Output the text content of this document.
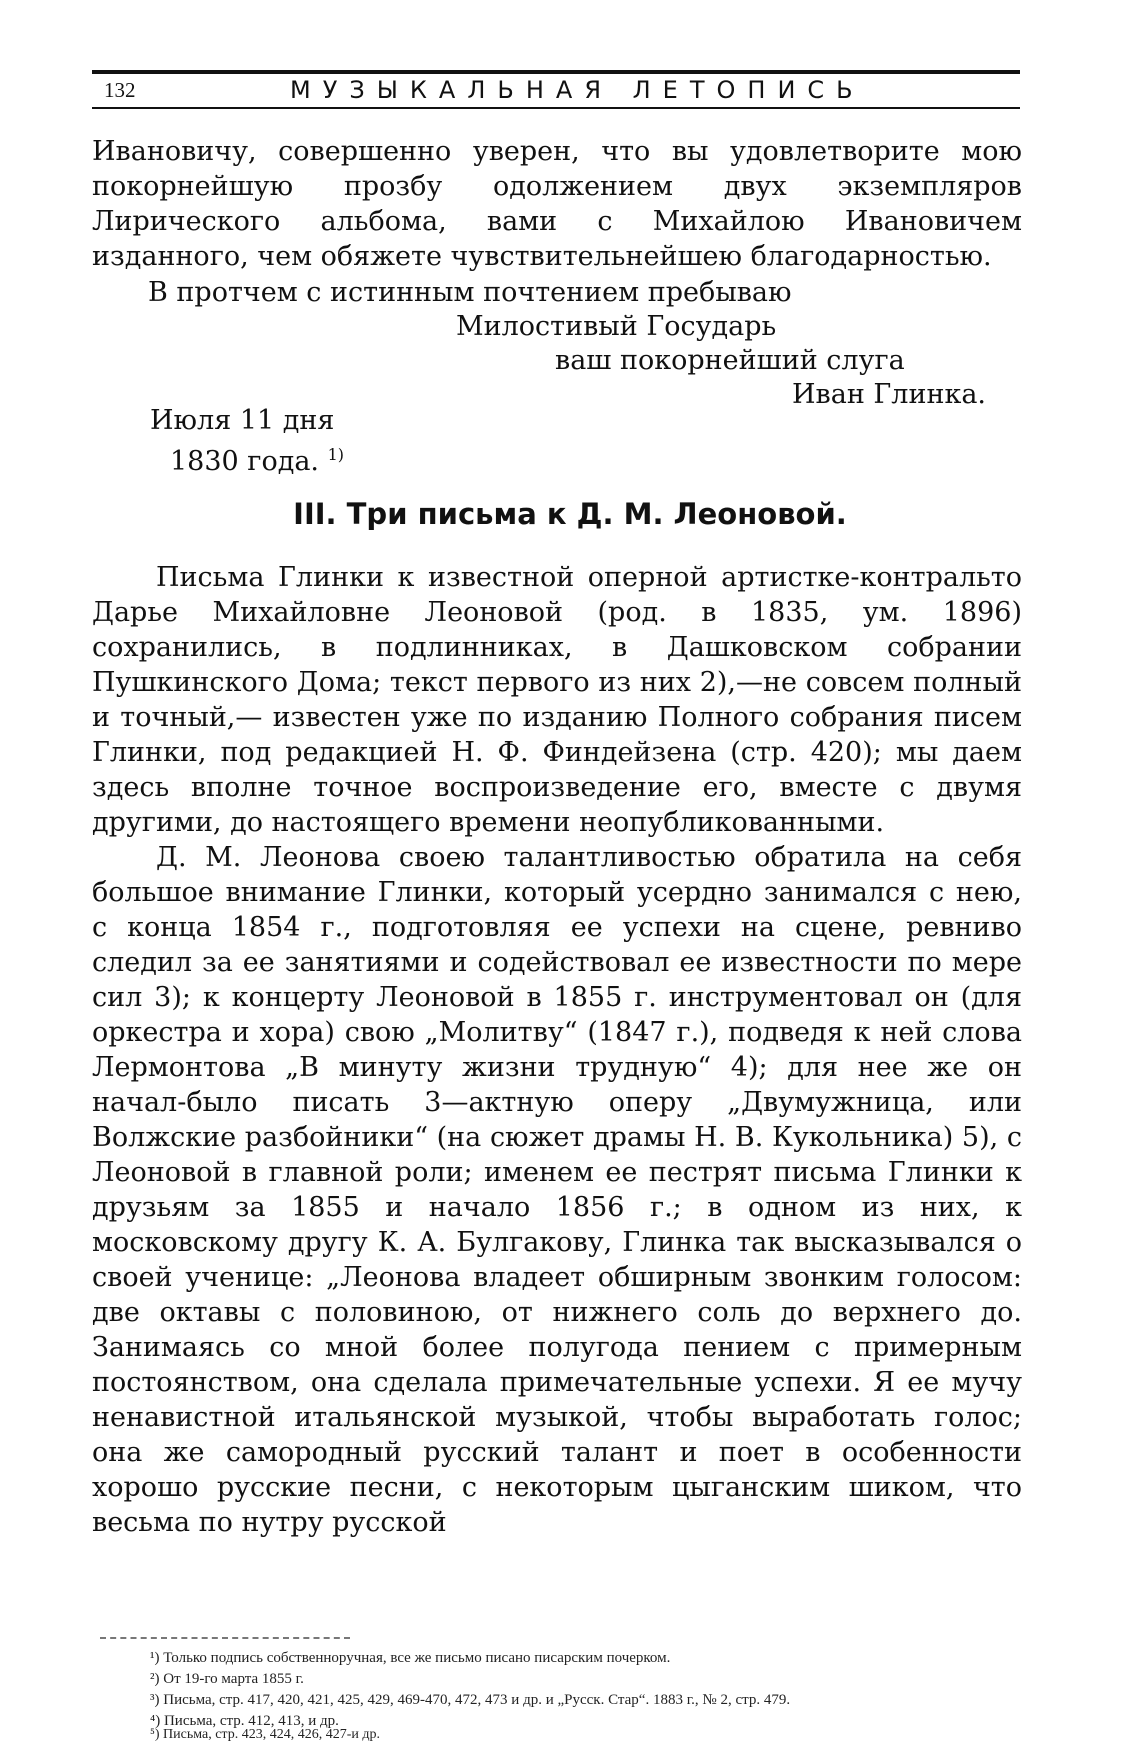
132	МУЗЫКАЛЬНАЯ ЛЕТОПИСЬ

Ивановичу, совершенно уверен, что вы удовлетворите мою покорнейшую прозбу одолжением двух экземпляров Лирического альбома, вами с Михайлою Ивановичем изданного, чем обяжете чувствительнейшею благодарностью.

В протчем с истинным почтением пребываю
Милостивый Государь
ваш покорнейший слуга
Иван Глинка.
Июля 11 дня
1830 года. $^{1)}$
III. Три письма к Д. М. Леоновой.

Письма Глинки к известной оперной артистке-контральто Дарье Михайловне Леоновой (род. в 1835, ум. 1896) сохранились, в подлинниках, в Дашковском собрании Пушкинского Дома; текст первого из них 2),—не совсем полный и точный,— известен уже по изданию Полного собрания писем Глинки, под редакцией Н. Ф. Финдейзена (стр. 420); мы даем здесь вполне точное воспроизведение его, вместе с двумя другими, до настоящего времени неопубликованными.

Д. М. Леонова своею талантливостью обратила на себя большое внимание Глинки, который усердно занимался с нею, с конца 1854 г., подготовляя ее успехи на сцене, ревниво следил за ее занятиями и содействовал ее известности по мере сил 3); к концерту Леоновой в 1855 г. инструментовал он (для оркестра и хора) свою „Молитву“ (1847 г.), подведя к ней слова Лермонтова „В минуту жизни трудную“ 4); для нее же он начал-было писать 3—актную оперу „Двумужница, или Волжские разбойники“ (на сюжет драмы Н. В. Кукольника) 5), с Леоновой в главной роли; именем ее пестрят письма Глинки к друзьям за 1855 и начало 1856 г.; в одном из них, к московскому другу К. А. Булгакову, Глинка так высказывался о своей ученице: „Леонова владеет обширным звонким голосом: две октавы с половиною, от нижнего соль до верхнего до. Занимаясь со мной более полугода пением с примерным постоянством, она сделала примечательные успехи. Я ее мучу ненавистной итальянской музыкой, чтобы выработать голос; она же самородный русский талант и поет в особенности хорошо русские песни, с некоторым цыганским шиком, что весьма по нутру русской

¹) Только подпись собственноручная, все же письмо писано писарским почерком.
²) От 19-го марта 1855 г.
³) Письма, стр. 417, 420, 421, 425, 429, 469-470, 472, 473 и др. и „Русск. Стар“. 1883 г., № 2, стр. 479.
⁴) Письма, стр. 412, 413, и др.
⁵) Письма, стр. 423, 424, 426, 427-и др.
